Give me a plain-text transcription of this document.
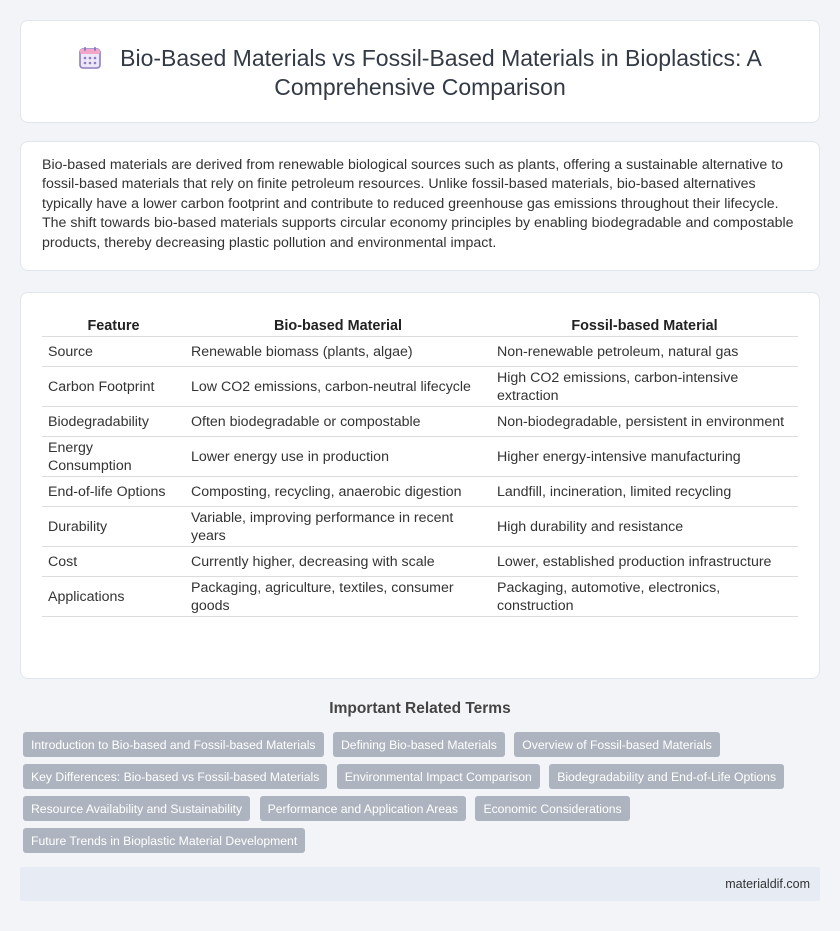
Bio-Based Materials vs Fossil-Based Materials in Bioplastics: A Comprehensive Comparison

Bio-based materials are derived from renewable biological sources such as plants, offering a sustainable alternative to fossil-based materials that rely on finite petroleum resources. Unlike fossil-based materials, bio-based alternatives typically have a lower carbon footprint and contribute to reduced greenhouse gas emissions throughout their lifecycle. The shift towards bio-based materials supports circular economy principles by enabling biodegradable and compostable products, thereby decreasing plastic pollution and environmental impact.

Feature	Bio-based Material	Fossil-based Material
Source	Renewable biomass (plants, algae)	Non-renewable petroleum, natural gas
Carbon Footprint	Low CO2 emissions, carbon-neutral lifecycle	High CO2 emissions, carbon-intensive extraction
Biodegradability	Often biodegradable or compostable	Non-biodegradable, persistent in environment
Energy Consumption	Lower energy use in production	Higher energy-intensive manufacturing
End-of-life Options	Composting, recycling, anaerobic digestion	Landfill, incineration, limited recycling
Durability	Variable, improving performance in recent years	High durability and resistance
Cost	Currently higher, decreasing with scale	Lower, established production infrastructure
Applications	Packaging, agriculture, textiles, consumer goods	Packaging, automotive, electronics, construction
Important Related Terms
Introduction to Bio-based and Fossil-based Materials Defining Bio-based Materials Overview of Fossil-based Materials Key Differences: Bio-based vs Fossil-based Materials Environmental Impact Comparison Biodegradability and End-of-Life Options Resource Availability and Sustainability Performance and Application Areas Economic Considerations Future Trends in Bioplastic Material Development
materialdif.com
